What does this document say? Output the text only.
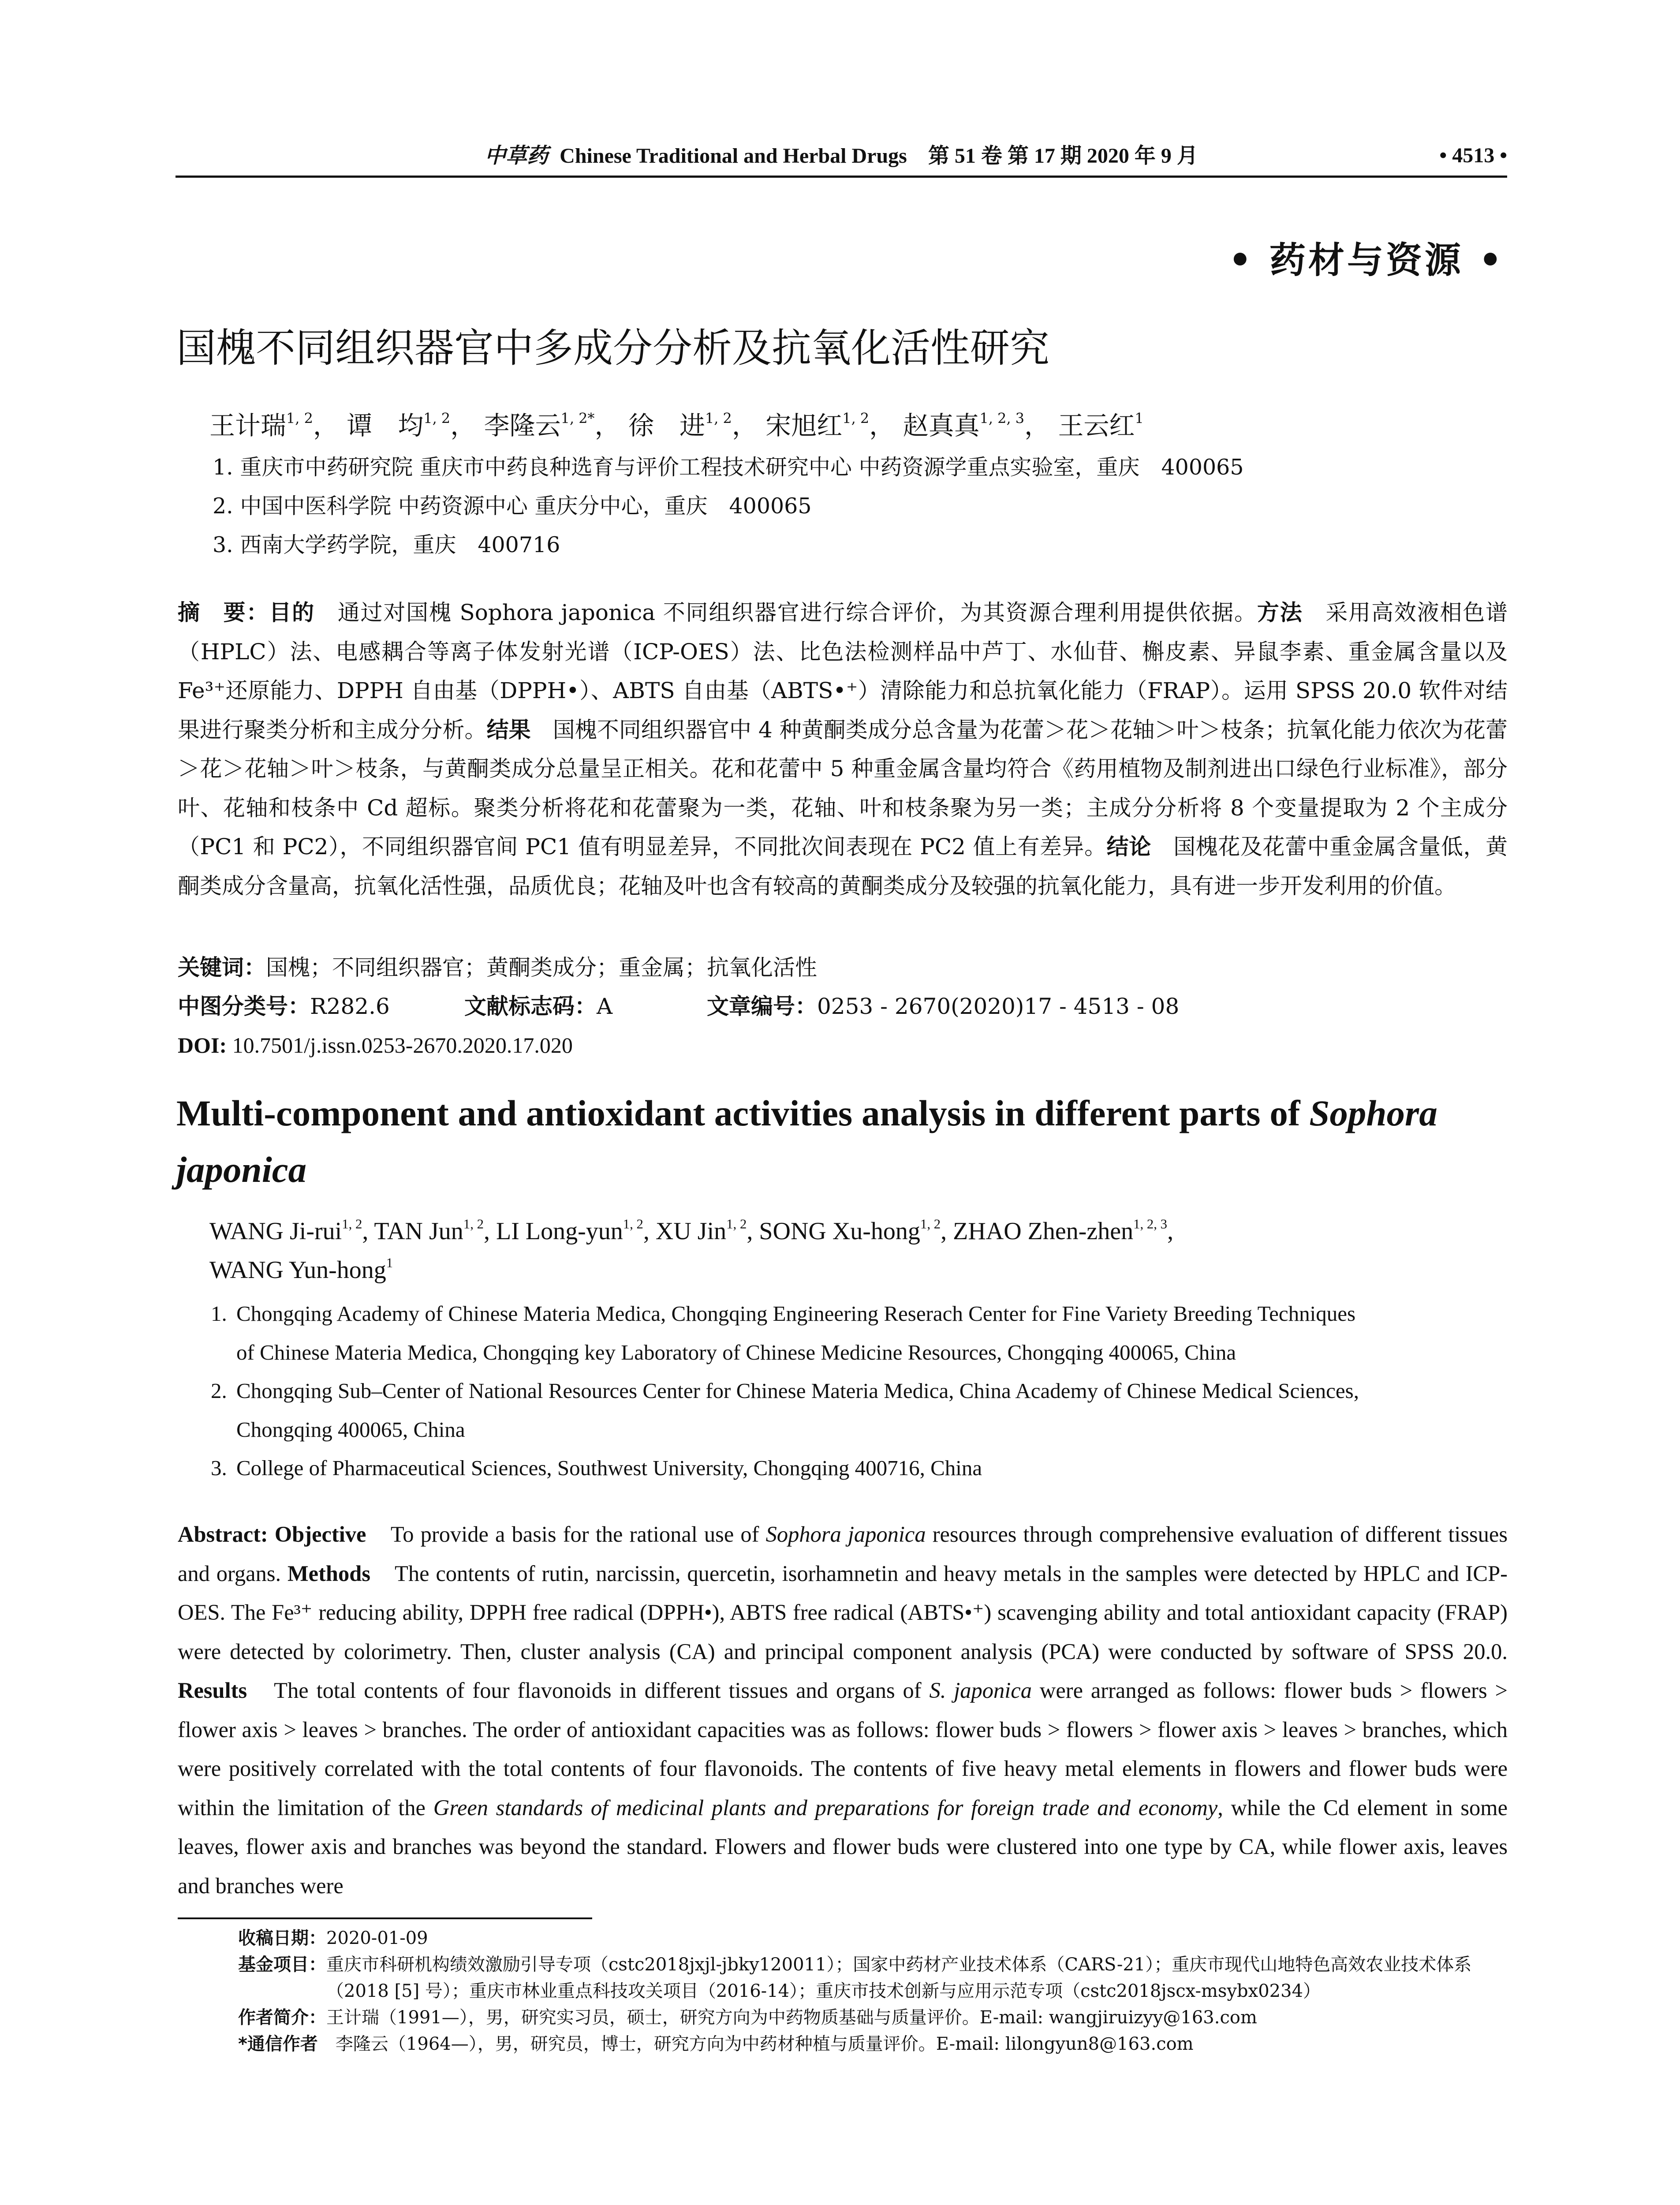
中草药 Chinese Traditional and Herbal Drugs　第 51 卷 第 17 期 2020 年 9 月	• 4513 •
• 药材与资源 •
国槐不同组织器官中多成分分析及抗氧化活性研究
王计瑞$^{1, 2}$， 谭　均$^{1, 2}$， 李隆云$^{1, 2*}$， 徐　进$^{1, 2}$， 宋旭红$^{1, 2}$， 赵真真$^{1, 2, 3}$， 王云红$^1$
1. 重庆市中药研究院 重庆市中药良种选育与评价工程技术研究中心 中药资源学重点实验室，重庆　400065
2. 中国中医科学院 中药资源中心 重庆分中心，重庆　400065
3. 西南大学药学院，重庆　400716
摘　要：目的　通过对国槐 Sophora japonica 不同组织器官进行综合评价，为其资源合理利用提供依据。方法　采用高效液相色谱（HPLC）法、电感耦合等离子体发射光谱（ICP-OES）法、比色法检测样品中芦丁、水仙苷、槲皮素、异鼠李素、重金属含量以及 Fe³⁺还原能力、DPPH 自由基（DPPH•）、ABTS 自由基（ABTS•⁺）清除能力和总抗氧化能力（FRAP）。运用 SPSS 20.0 软件对结果进行聚类分析和主成分分析。结果　国槐不同组织器官中 4 种黄酮类成分总含量为花蕾＞花＞花轴＞叶＞枝条；抗氧化能力依次为花蕾＞花＞花轴＞叶＞枝条，与黄酮类成分总量呈正相关。花和花蕾中 5 种重金属含量均符合《药用植物及制剂进出口绿色行业标准》，部分叶、花轴和枝条中 Cd 超标。聚类分析将花和花蕾聚为一类，花轴、叶和枝条聚为另一类；主成分分析将 8 个变量提取为 2 个主成分（PC1 和 PC2），不同组织器官间 PC1 值有明显差异，不同批次间表现在 PC2 值上有差异。结论　国槐花及花蕾中重金属含量低，黄酮类成分含量高，抗氧化活性强，品质优良；花轴及叶也含有较高的黄酮类成分及较强的抗氧化能力，具有进一步开发利用的价值。
关键词：国槐；不同组织器官；黄酮类成分；重金属；抗氧化活性
中图分类号：R282.6	文献标志码：A	文章编号：0253 - 2670(2020)17 - 4513 - 08
DOI: 10.7501/j.issn.0253-2670.2020.17.020
Multi-component and antioxidant activities analysis in different parts of Sophora japonica
WANG Ji-rui$^{1, 2}$, TAN Jun$^{1, 2}$, LI Long-yun$^{1, 2}$, XU Jin$^{1, 2}$, SONG Xu-hong$^{1, 2}$, ZHAO Zhen-zhen$^{1, 2, 3}$,
WANG Yun-hong$^1$
1. Chongqing Academy of Chinese Materia Medica, Chongqing Engineering Reserach Center for Fine Variety Breeding Techniques
of Chinese Materia Medica, Chongqing key Laboratory of Chinese Medicine Resources, Chongqing 400065, China
2. Chongqing Sub–Center of National Resources Center for Chinese Materia Medica, China Academy of Chinese Medical Sciences,
Chongqing 400065, China
3. College of Pharmaceutical Sciences, Southwest University, Chongqing 400716, China
Abstract: Objective　To provide a basis for the rational use of Sophora japonica resources through comprehensive evaluation of different tissues and organs. Methods　The contents of rutin, narcissin, quercetin, isorhamnetin and heavy metals in the samples were detected by HPLC and ICP-OES. The Fe³⁺ reducing ability, DPPH free radical (DPPH•), ABTS free radical (ABTS•⁺) scavenging ability and total antioxidant capacity (FRAP) were detected by colorimetry. Then, cluster analysis (CA) and principal component analysis (PCA) were conducted by software of SPSS 20.0. Results　The total contents of four flavonoids in different tissues and organs of S. japonica were arranged as follows: flower buds > flowers > flower axis > leaves > branches. The order of antioxidant capacities was as follows: flower buds > flowers > flower axis > leaves > branches, which were positively correlated with the total contents of four flavonoids. The contents of five heavy metal elements in flowers and flower buds were within the limitation of the Green standards of medicinal plants and preparations for foreign trade and economy, while the Cd element in some leaves, flower axis and branches was beyond the standard. Flowers and flower buds were clustered into one type by CA, while flower axis, leaves and branches were
收稿日期： 2020-01-09
基金项目： 重庆市科研机构绩效激励引导专项（cstc2018jxjl-jbky120011）；国家中药材产业技术体系（CARS-21）；重庆市现代山地特色高效农业技术体系（2018 [5] 号）；重庆市林业重点科技攻关项目（2016-14）；重庆市技术创新与应用示范专项（cstc2018jscx-msybx0234）
作者简介： 王计瑞（1991—），男，研究实习员，硕士，研究方向为中药物质基础与质量评价。E-mail: wangjiruizyy@163.com
*通信作者 　李隆云（1964—），男，研究员，博士，研究方向为中药材种植与质量评价。E-mail: lilongyun8@163.com
